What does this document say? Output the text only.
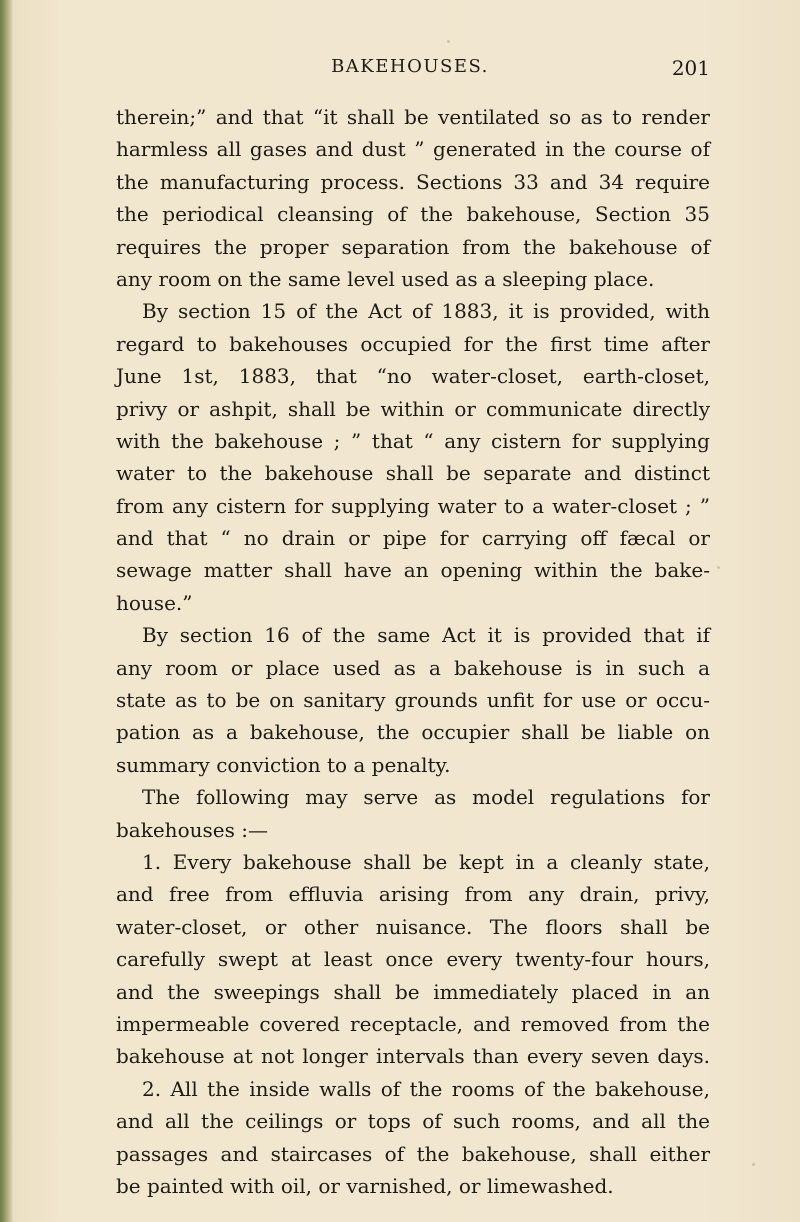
BAKEHOUSES.	201
therein;” and that “it shall be ventilated so as to render
harmless all gases and dust ” generated in the course of
the manufacturing process. Sections 33 and 34 require
the periodical cleansing of the bakehouse, Section 35
requires the proper separation from the bakehouse of
any room on the same level used as a sleeping place.
By section 15 of the Act of 1883, it is provided, with
regard to bakehouses occupied for the first time after
June 1st, 1883, that “no water-closet, earth-closet,
privy or ashpit, shall be within or communicate directly
with the bakehouse ; ” that “ any cistern for supplying
water to the bakehouse shall be separate and distinct
from any cistern for supplying water to a water-closet ; ”
and that “ no drain or pipe for carrying off fæcal or
sewage matter shall have an opening within the bake-
house.”
By section 16 of the same Act it is provided that if
any room or place used as a bakehouse is in such a
state as to be on sanitary grounds unfit for use or occu-
pation as a bakehouse, the occupier shall be liable on
summary conviction to a penalty.
The following may serve as model regulations for
bakehouses :—
1. Every bakehouse shall be kept in a cleanly state,
and free from effluvia arising from any drain, privy,
water-closet, or other nuisance. The floors shall be
carefully swept at least once every twenty-four hours,
and the sweepings shall be immediately placed in an
impermeable covered receptacle, and removed from the
bakehouse at not longer intervals than every seven days.
2. All the inside walls of the rooms of the bakehouse,
and all the ceilings or tops of such rooms, and all the
passages and staircases of the bakehouse, shall either
be painted with oil, or varnished, or limewashed.
